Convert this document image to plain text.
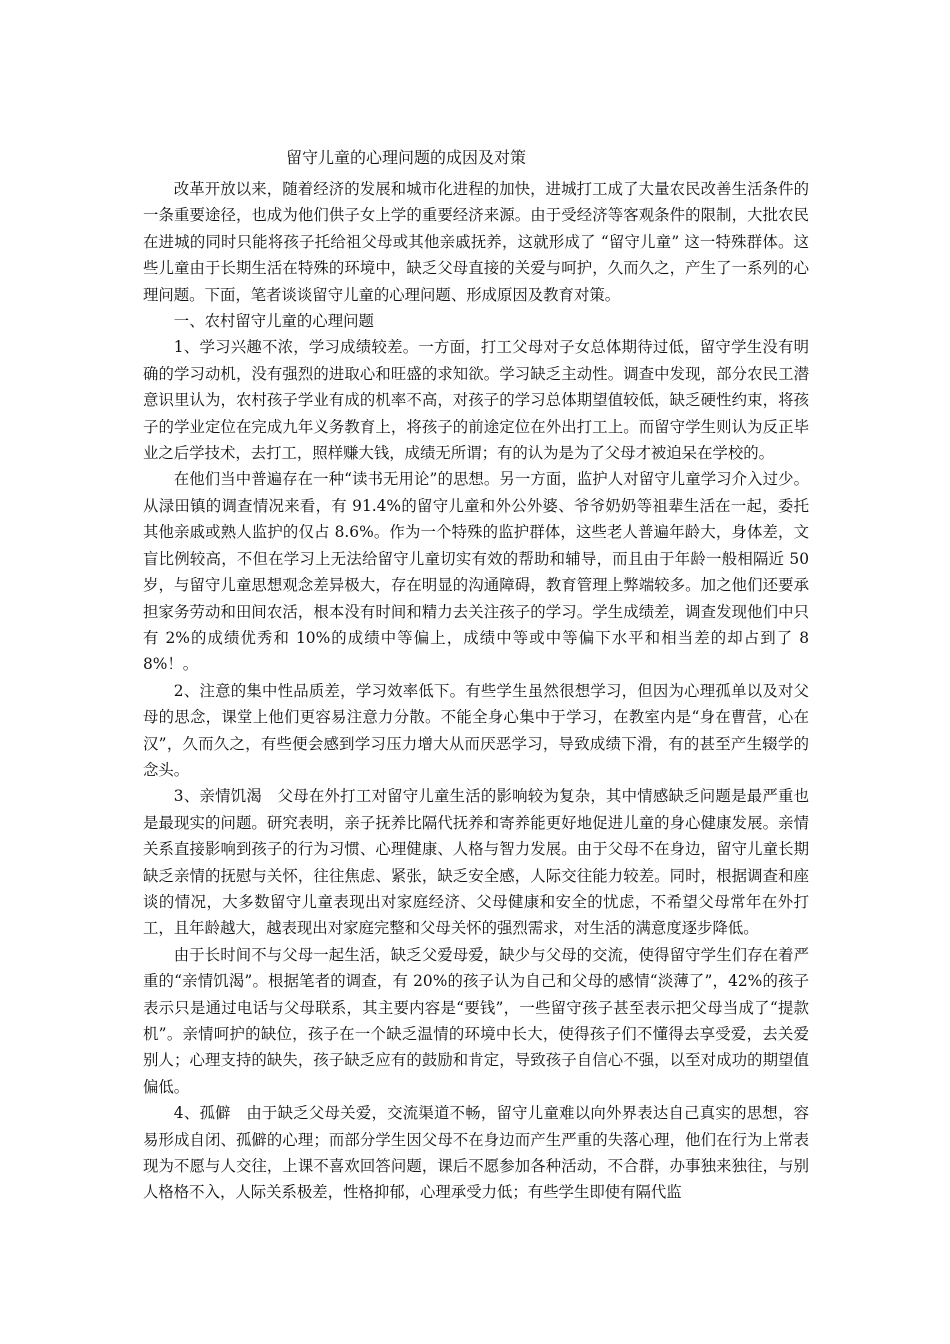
留守儿童的心理问题的成因及对策

改革开放以来，随着经济的发展和城市化进程的加快，进城打工成了大量农民改善生活条件的一条重要途径，也成为他们供子女上学的重要经济来源。由于受经济等客观条件的限制，大批农民在进城的同时只能将孩子托给祖父母或其他亲戚抚养，这就形成了 “留守儿童” 这一特殊群体。这些儿童由于长期生活在特殊的环境中，缺乏父母直接的关爱与呵护，久而久之，产生了一系列的心理问题。下面，笔者谈谈留守儿童的心理问题、形成原因及教育对策。

一、农村留守儿童的心理问题

1、学习兴趣不浓，学习成绩较差。一方面，打工父母对子女总体期待过低，留守学生没有明确的学习动机，没有强烈的进取心和旺盛的求知欲。学习缺乏主动性。调查中发现，部分农民工潜意识里认为，农村孩子学业有成的机率不高，对孩子的学习总体期望值较低，缺乏硬性约束，将孩子的学业定位在完成九年义务教育上，将孩子的前途定位在外出打工上。而留守学生则认为反正毕业之后学技术，去打工，照样赚大钱，成绩无所谓；有的认为是为了父母才被迫呆在学校的。

在他们当中普遍存在一种“读书无用论”的思想。另一方面，监护人对留守儿童学习介入过少。从渌田镇的调查情况来看，有 91.4%的留守儿童和外公外婆、爷爷奶奶等祖辈生活在一起，委托其他亲戚或熟人监护的仅占 8.6%。作为一个特殊的监护群体，这些老人普遍年龄大，身体差，文盲比例较高，不但在学习上无法给留守儿童切实有效的帮助和辅导，而且由于年龄一般相隔近 50 岁，与留守儿童思想观念差异极大，存在明显的沟通障碍，教育管理上弊端较多。加之他们还要承担家务劳动和田间农活，根本没有时间和精力去关注孩子的学习。学生成绩差，调查发现他们中只有 2%的成绩优秀和 10%的成绩中等偏上，成绩中等或中等偏下水平和相当差的却占到了 88%！。

2、注意的集中性品质差，学习效率低下。有些学生虽然很想学习，但因为心理孤单以及对父母的思念，课堂上他们更容易注意力分散。不能全身心集中于学习，在教室内是“身在曹营，心在汉”，久而久之，有些便会感到学习压力增大从而厌恶学习，导致成绩下滑，有的甚至产生辍学的念头。

3、亲情饥渴　父母在外打工对留守儿童生活的影响较为复杂，其中情感缺乏问题是最严重也是最现实的问题。研究表明，亲子抚养比隔代抚养和寄养能更好地促进儿童的身心健康发展。亲情关系直接影响到孩子的行为习惯、心理健康、人格与智力发展。由于父母不在身边，留守儿童长期缺乏亲情的抚慰与关怀，往往焦虑、紧张，缺乏安全感，人际交往能力较差。同时，根据调查和座谈的情况，大多数留守儿童表现出对家庭经济、父母健康和安全的忧虑，不希望父母常年在外打工，且年龄越大，越表现出对家庭完整和父母关怀的强烈需求，对生活的满意度逐步降低。

由于长时间不与父母一起生活，缺乏父爱母爱，缺少与父母的交流，使得留守学生们存在着严重的“亲情饥渴”。根据笔者的调查，有 20%的孩子认为自己和父母的感情“淡薄了”，42%的孩子表示只是通过电话与父母联系，其主要内容是“要钱”，一些留守孩子甚至表示把父母当成了“提款机”。亲情呵护的缺位，孩子在一个缺乏温情的环境中长大，使得孩子们不懂得去享受爱，去关爱别人；心理支持的缺失，孩子缺乏应有的鼓励和肯定，导致孩子自信心不强，以至对成功的期望值偏低。

4、孤僻　由于缺乏父母关爱，交流渠道不畅，留守儿童难以向外界表达自己真实的思想，容易形成自闭、孤僻的心理；而部分学生因父母不在身边而产生严重的失落心理，他们在行为上常表现为不愿与人交往，上课不喜欢回答问题，课后不愿参加各种活动，不合群，办事独来独往，与别人格格不入，人际关系极差，性格抑郁，心理承受力低；有些学生即使有隔代监
